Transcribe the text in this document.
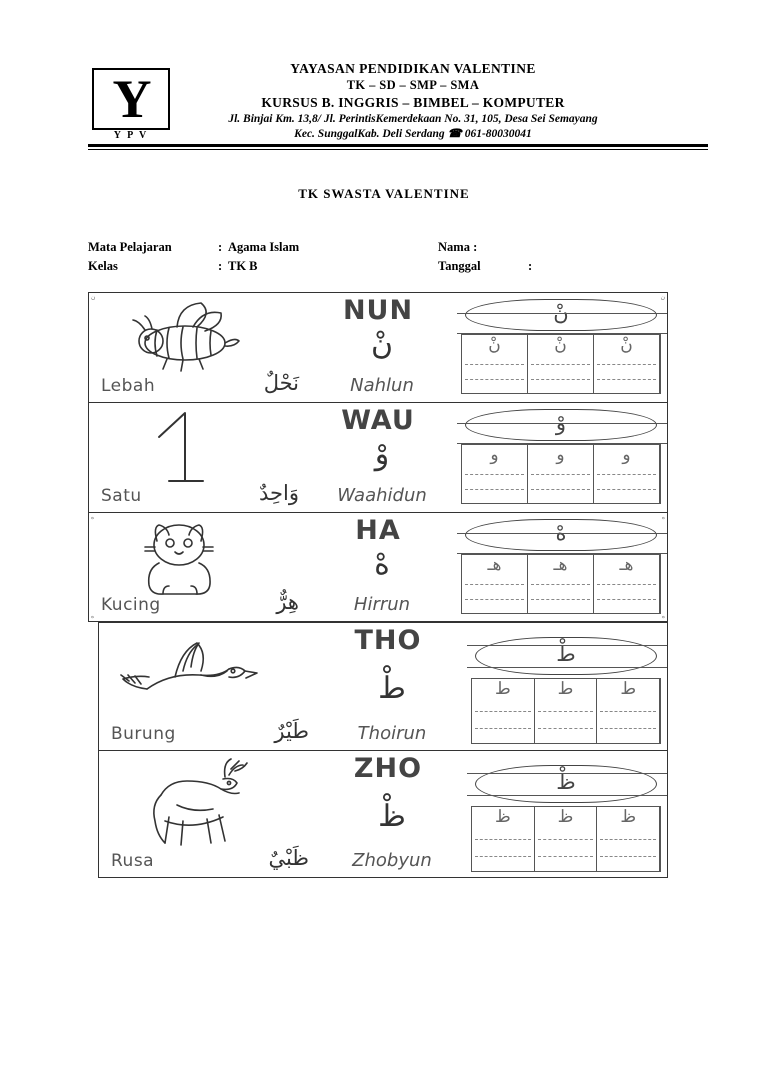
Y
Y P V
YAYASAN PENDIDIKAN VALENTINE
TK – SD – SMP – SMA
KURSUS B. INGGRIS – BIMBEL – KOMPUTER
Jl. Binjai Km. 13,8/ Jl. PerintisKemerdekaan No. 31, 105, Desa Sei Semayang
Kec. SunggalKab. Deli Serdang ☎ 061-80030041
TK SWASTA VALENTINE
Mata Pelajaran	: Agama Islam	Nama :
Kelas	: TK B	Tanggal	:
ن
Lebah	نَحْلٌ
NUN
نْ
Nahlun
ن
نْ
نْ	نْ	نْ
Satu	وَاحِدٌ
WAU
وْ
Waahidun
وْ
و	و	و
ه
ه
Kucing	هِرٌّ
HA
هْ
Hirrun
ه
ه
هْ
هـ	هـ	هـ
Burung	طَيْرٌ
THO
طْ
Thoirun
طْ
ط	ط	ط
Rusa	ظَبْيٌ
ZHO
ظْ
Zhobyun
ظْ
ظ	ظ	ظ
